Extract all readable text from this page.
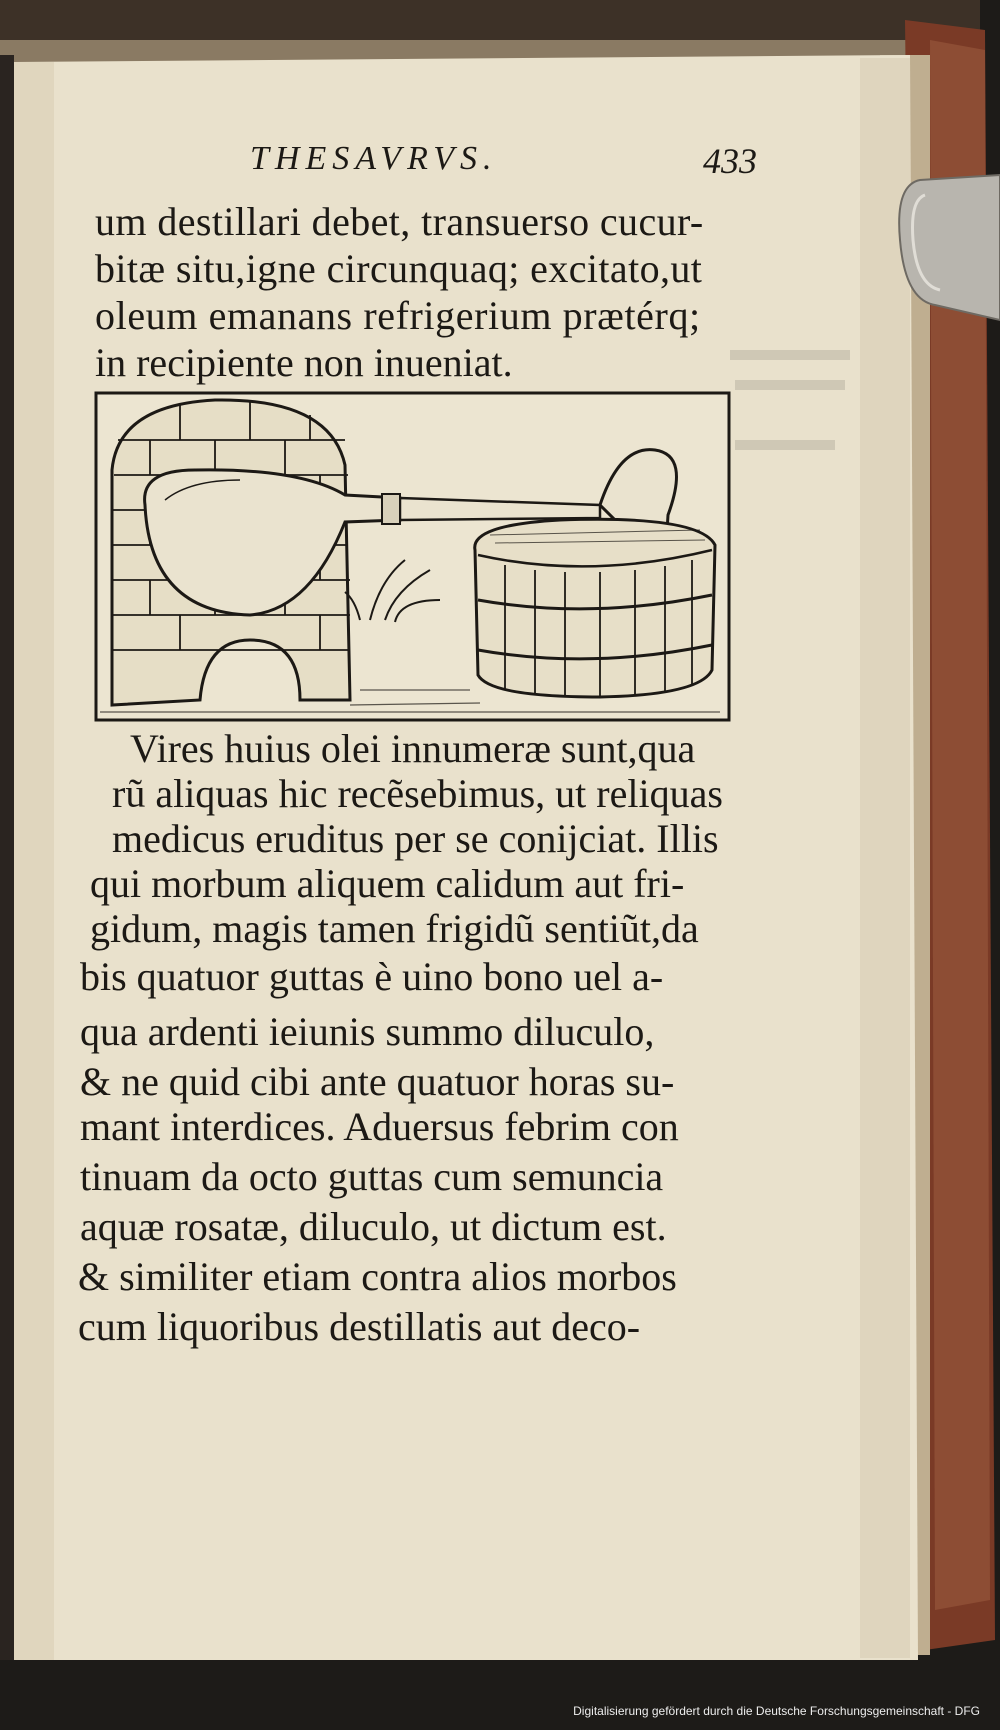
THESAVRVS.	433
um destillari debet, transuerso cucur-
bitæ situ,igne circunquaq; excitato,ut
oleum emanans refrigerium prætérq;
in recipiente non inueniat.
Vires huius olei innumeræ sunt,qua
rũ aliquas hic recẽsebimus, ut reliquas
medicus eruditus per se conijciat. Illis
qui morbum aliquem calidum aut fri-
gidum, magis tamen frigidũ sentiũt,da
bis quatuor guttas è uino bono uel a-
qua ardenti ieiunis summo diluculo,
& ne quid cibi ante quatuor horas su-
mant interdices. Aduersus febrim con
tinuam da octo guttas cum semuncia
aquæ rosatæ, diluculo, ut dictum est.
& similiter etiam contra alios morbos
cum liquoribus destillatis aut deco-
Digitalisierung gefördert durch die Deutsche Forschungsgemeinschaft - DFG
